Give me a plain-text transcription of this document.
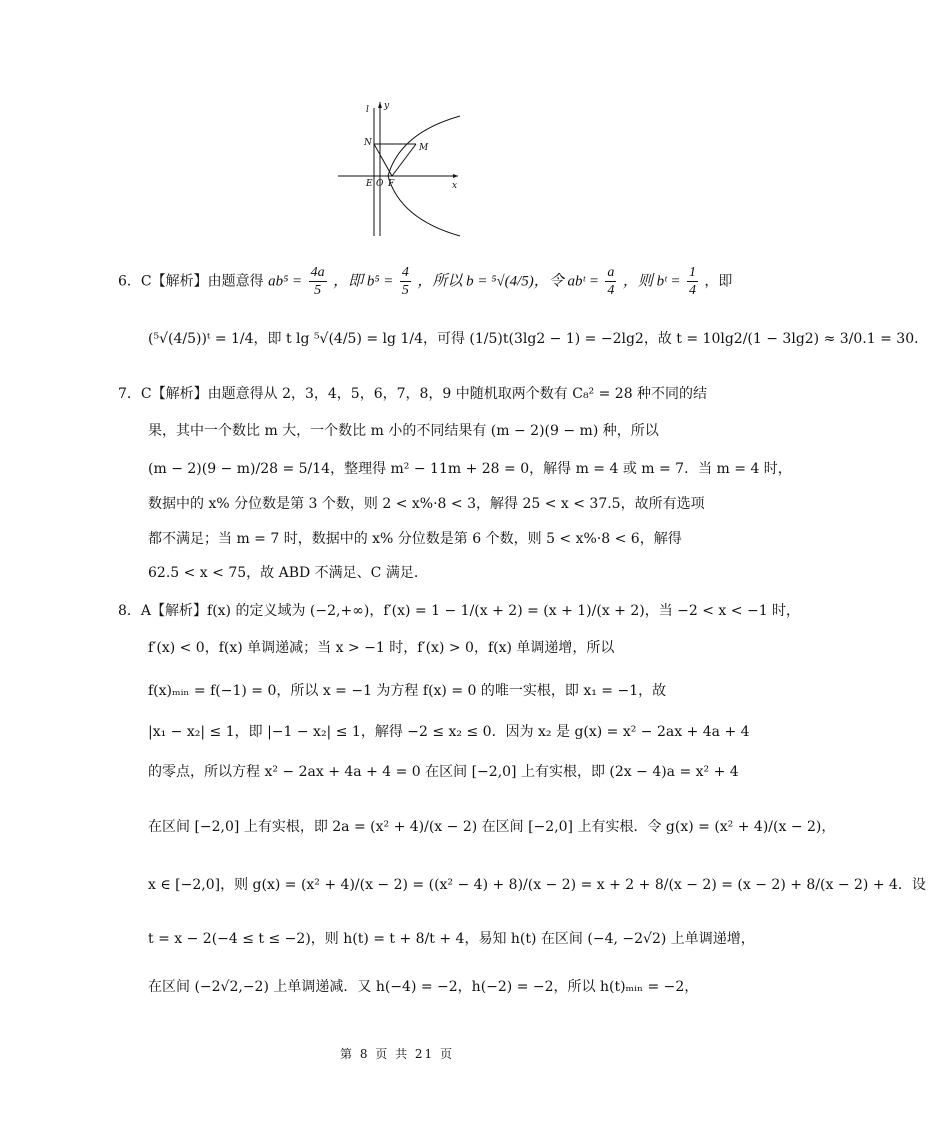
l y
N	M
E O F	x
6．C【解析】由题意得 $ab^5 = \frac{4a}{5}$ ，即 $b^5 = \frac{4}{5}$ ，所以 b = ⁵√(4/5)，令 abᵗ = $\frac{a}{4}$ ，则 bᵗ = $\frac{1}{4}$ ，即
(⁵√(4/5))ᵗ = 1/4，即 t lg ⁵√(4/5) = lg 1/4，可得 (1/5)t(3lg2 − 1) = −2lg2，故 t = 10lg2/(1 − 3lg2) ≈ 3/0.1 = 30．
7．C【解析】由题意得从 2，3，4，5，6，7，8，9 中随机取两个数有 C₈² = 28 种不同的结
果，其中一个数比 m 大，一个数比 m 小的不同结果有 (m − 2)(9 − m) 种，所以
(m − 2)(9 − m)/28 = 5/14，整理得 m² − 11m + 28 = 0，解得 m = 4 或 m = 7．当 m = 4 时，
数据中的 x% 分位数是第 3 个数，则 2 < x%·8 < 3，解得 25 < x < 37.5，故所有选项
都不满足；当 m = 7 时，数据中的 x% 分位数是第 6 个数，则 5 < x%·8 < 6，解得
62.5 < x < 75，故 ABD 不满足、C 满足．
8．A【解析】f(x) 的定义域为 (−2,+∞)，f′(x) = 1 − 1/(x + 2) = (x + 1)/(x + 2)，当 −2 < x < −1 时，
f′(x) < 0，f(x) 单调递减；当 x > −1 时，f′(x) > 0，f(x) 单调递增，所以
f(x)ₘᵢₙ = f(−1) = 0，所以 x = −1 为方程 f(x) = 0 的唯一实根，即 x₁ = −1，故
|x₁ − x₂| ≤ 1，即 |−1 − x₂| ≤ 1，解得 −2 ≤ x₂ ≤ 0．因为 x₂ 是 g(x) = x² − 2ax + 4a + 4
的零点，所以方程 x² − 2ax + 4a + 4 = 0 在区间 [−2,0] 上有实根，即 (2x − 4)a = x² + 4
在区间 [−2,0] 上有实根，即 2a = (x² + 4)/(x − 2) 在区间 [−2,0] 上有实根．令 g(x) = (x² + 4)/(x − 2)，
x ∈ [−2,0]，则 g(x) = (x² + 4)/(x − 2) = ((x² − 4) + 8)/(x − 2) = x + 2 + 8/(x − 2) = (x − 2) + 8/(x − 2) + 4．设
t = x − 2(−4 ≤ t ≤ −2)，则 h(t) = t + 8/t + 4，易知 h(t) 在区间 (−4, −2√2) 上单调递增，
在区间 (−2√2,−2) 上单调递减．又 h(−4) = −2，h(−2) = −2，所以 h(t)ₘᵢₙ = −2，
第 8 页 共 21 页
